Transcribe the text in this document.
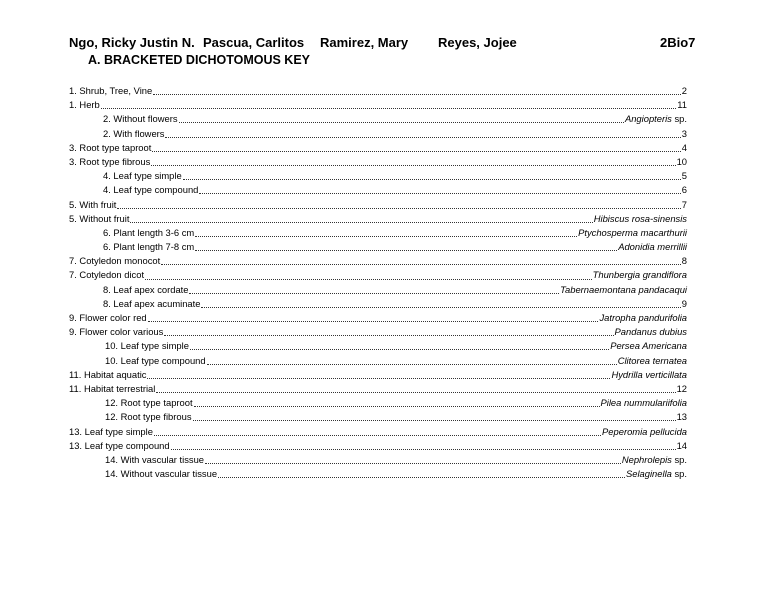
Ngo, Ricky Justin N. Pascua, Carlitos Ramirez, Mary Reyes, Jojee	2Bio7
A. BRACKETED DICHOTOMOUS KEY
1. Shrub, Tree, Vine	2
1. Herb	11
2. Without flowers	Angiopteris sp.
2. With flowers	3
3. Root type taproot	4
3. Root type fibrous	10
4. Leaf type simple	5
4. Leaf type compound	6
5. With fruit	7
5. Without fruit	Hibiscus rosa-sinensis
6. Plant length 3-6 cm	Ptychosperma macarthurii
6. Plant length 7-8 cm	Adonidia merrillii
7. Cotyledon monocot	8
7. Cotyledon dicot	Thunbergia grandiflora
8. Leaf apex cordate	Tabernaemontana pandacaqui
8. Leaf apex acuminate	9
9. Flower color red	Jatropha pandurifolia
9. Flower color various	Pandanus dubius
10. Leaf type simple	Persea Americana
10. Leaf type compound	Clitorea ternatea
11. Habitat aquatic	Hydrilla verticillata
11. Habitat terrestrial	12
12. Root type taproot	Pilea nummulariifolia
12. Root type fibrous	13
13. Leaf type simple	Peperomia pellucida
13. Leaf type compound	14
14. With vascular tissue	Nephrolepis sp.
14. Without vascular tissue	Selaginella sp.
